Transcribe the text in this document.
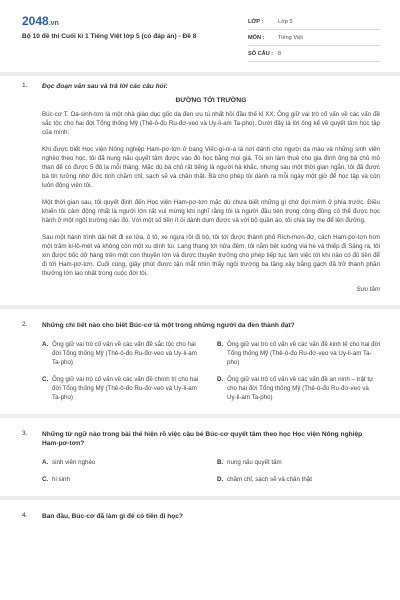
2048.vn
Bộ 10 đề thi Cuối kì 1 Tiếng Việt lớp 5 (có đáp án) - Đề 8
LỚP :	Lớp 5
MÔN :	Tiếng Việt
SỐ CÂU : 8
1. Đọc đoạn văn sau và trả lời các câu hỏi:
ĐƯỜNG TỚI TRƯỜNG

Búc-cơ T. Oa-sinh-tơn là một nhà giáo dục gốc da đen ưu tú nhất hồi đầu thế kỉ XX. Ông giữ vai trò cố vấn về các vấn đề sắc tộc cho hai đời Tổng thống Mỹ (Thê-ô-đo Ru-đơ-veo và Uy-li-am Ta-pho). Dưới đây là lời ông kể về quyết tâm học tập của mình:

Khi được biết Học viện Nông nghiệp Ham-pơ-tơn ở bang Viếc-gi-ni-a là nơi dành cho người da màu và những sinh viên nghèo theo học, tôi đã nung nấu quyết tâm được vào đó học bằng mọi giá. Tôi xin làm thuê cho gia đình ông bà chủ mỏ than để có được 5 đô la mỗi tháng. Mặc dù bà chủ rất tiếng là người hà khắc, nhưng sau một thời gian ngắn, tôi đã được bà tin tưởng nhờ đức tính chăm chỉ, sạch sẽ và chân thật. Bà cho phép tôi dành ra mỗi ngày một giờ để học tập và còn luôn động viên tôi.

Một thời gian sau, tôi quyết định đến Học viện Ham-pơ-tơn mặc dù chưa biết những gì chờ đợi mình ở phía trước. Điều khiến tôi cảm động nhất là người lớn rất vui mừng khi nghĩ rằng tôi là người đầu tiên trong cộng đồng có thể được học hành ở một ngôi trường nào đó. Với một số tiền ít ỏi dành dụm được và với bộ quần áo, tôi chia tay mẹ để lên đường.

Sau một hành trình dài hết đi xe lửa, ô tô, xe ngựa rồi đi bộ, tôi tới được thành phố Rích-mơn-đơ, cách Ham-pơ-tơn hơn một trăm ki-lô-mét và không còn một xu dính túi. Lang thang tới nửa đêm, tôi nằm bệt xuống via hè và thiếp đi Sáng ra, tôi xin được bốc dỡ hàng trên một con thuyền lớn và được thuyền trưởng cho phép tiếp tục làm việc tới khi nào có đủ tiền để đi tới Ham-pơ-tơn. Cuối cùng, giây phút được tận mắt nhìn thấy ngôi trường ba tầng xây bằng gạch đã trở thành phần thưởng lớn lao nhất trong cuộc đời tôi.

Sưu tầm
2. Những chi tiết nào cho biết Búc-cơ là một trong những người da đen thành đạt?
A. Ông giữ vai trò cố vấn về các vấn đề sắc tộc cho hai đời Tổng thống Mỹ (Thê-ô-đo Ru-đơ-veo và Uy-li-am Ta-pho)
B. Ông giữ vai trò cố vấn về các vấn đề kinh tế cho hai đời Tổng thống Mỹ (Thê-ô-đo Ru-đơ-veo và Uy-li-am Ta-pho)
C. Ông giữ vai trò cố vấn về các vấn đề chính trị cho hai đời Tổng thống Mỹ (Thê-ô-đo Ru-đơ-veo và Uy-li-am Ta-pho)
D. Ông giữ vai trò cố vấn về các vấn đề an ninh – trật tự cho hai đời Tổng thống Mỹ (Thê-ô-đo Ru-đơ-veo và Uy-li-am Ta-pho)
3. Những từ ngữ nào trong bài thể hiện rõ việc cậu bé Búc-cơ quyết tâm theo học Học viện Nông nghiệp Ham-pơ-tơn?
A. sinh viên nghèo	B. nung nấu quyết tâm
C. hi sinh	D. chăm chỉ, sạch sẽ và chân thật
4. Ban đầu, Búc-cơ đã làm gì để có tiền đi học?
